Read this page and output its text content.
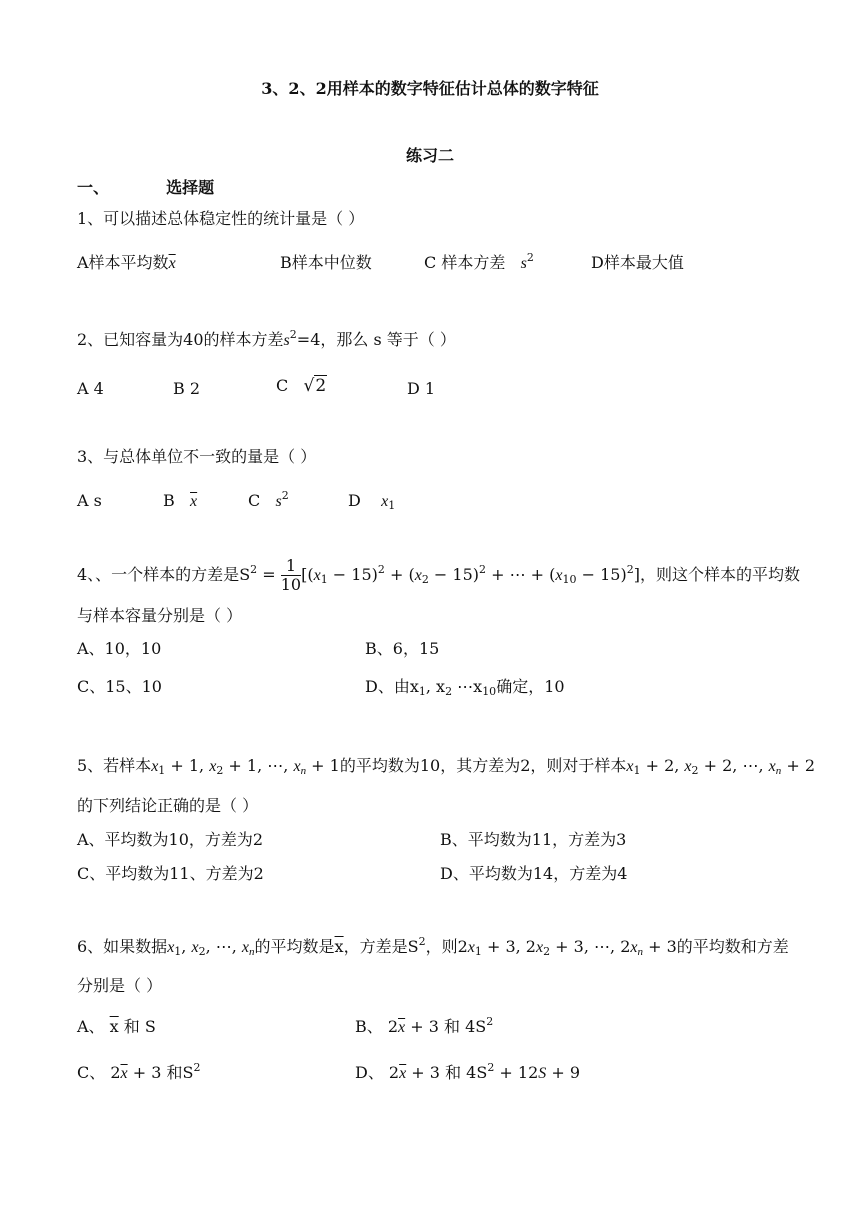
3、2、2用样本的数字特征估计总体的数字特征
练习二
一、	选择题
1、可以描述总体稳定性的统计量是（ ）
A样本平均数$\overline{x}$	B样本中位数	C 样本方差 $s^2$	D样本最大值
2、已知容量为40的样本方差$s^2=4$，那么 s 等于（ ）
A 4	B 2	C √2	D 1
3、与总体单位不一致的量是（ ）
A s	B $\overline{x}$	C $s^2$	D $x_1$
4、、一个样本的方差是$S^2 = \frac{1}{10} [(x_1 - 15)^2 + (x_2 - 15)^2$ + ⋯ + $(x_{10} - 15)^2$]，则这个样本的平均数
与样本容量分别是（ ）
A、10，10	B、6，15
C、15、10	D、由$x_1$, $x_2$ $\cdots x_{10}$确定，10
5、若样本$x_1 + 1$, $x_2 + 1$, ⋯, $x_n + 1$的平均数为10，其方差为2，则对于样本$x_1 + 2$, $x_2 + 2$, ⋯, $x_n + 2$
的下列结论正确的是（ ）
A、平均数为10，方差为2	B、平均数为11，方差为3
C、平均数为11、方差为2	D、平均数为14，方差为4
6、如果数据$x_1$, $x_2$, ⋯, $x_n$的平均数是$\overline{x}$，方差是$S^2$，则$2x_1 + 3$, $2x_2 + 3$, ⋯, $2x_n + 3$的平均数和方差
分别是（ ）
A、 $\overline{x}$ 和 S	B、 $2\overline{x} + 3$ 和 $4S^2$
C、 $2\overline{x} + 3$ 和$S^2$	D、 $2\overline{x} + 3$ 和 $4S^2 + 12S + 9$
